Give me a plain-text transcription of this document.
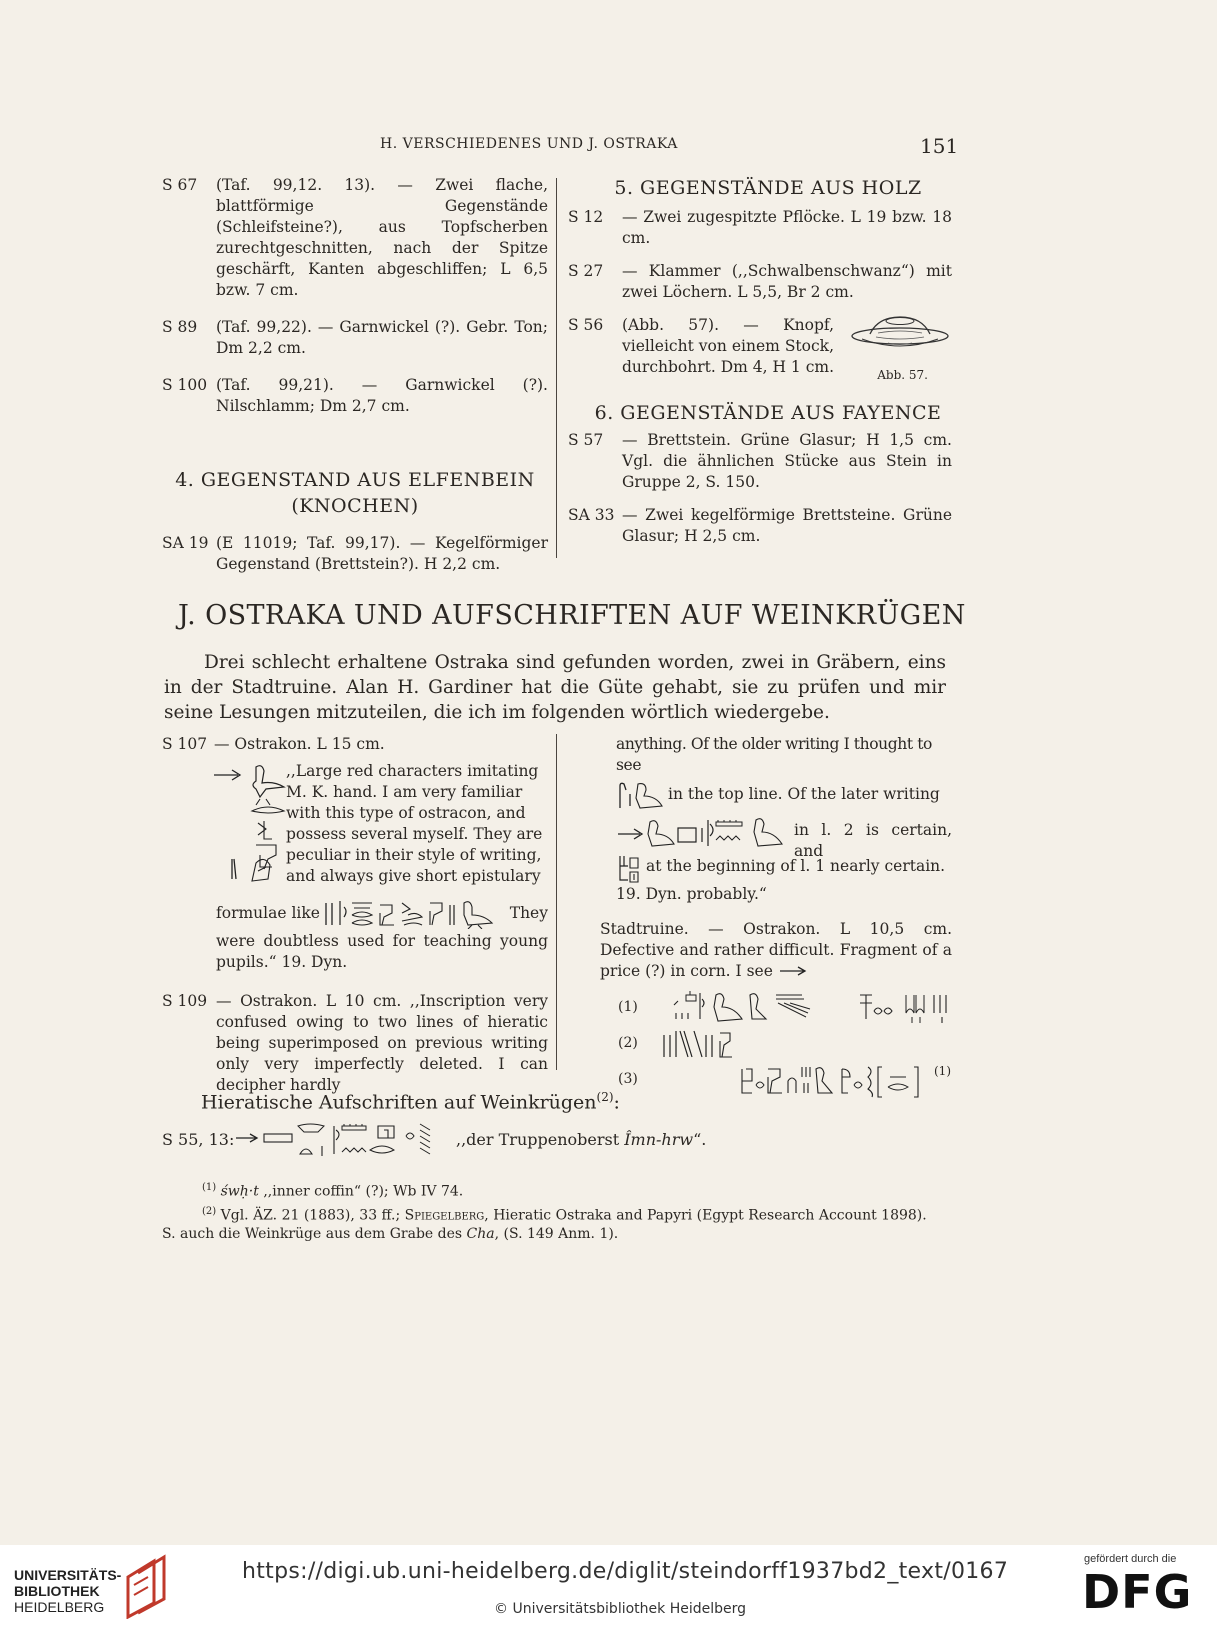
H. VERSCHIEDENES UND J. OSTRAKA	151
S 67	(Taf. 99,12. 13). — Zwei flache, blattförmige Gegenstände (Schleifsteine?), aus Topfscherben zurechtgeschnitten, nach der Spitze geschärft, Kanten abgeschliffen; L 6,5 bzw. 7 cm.
S 89	(Taf. 99,22). — Garnwickel (?). Gebr. Ton; Dm 2,2 cm.
S 100 (Taf. 99,21). — Garnwickel (?). Nilschlamm; Dm 2,7 cm.
4. GEGENSTAND AUS ELFENBEIN
(KNOCHEN)
SA 19 (E 11019; Taf. 99,17). — Kegelförmiger Gegenstand (Brettstein?). H 2,2 cm.
5. GEGENSTÄNDE AUS HOLZ
S 12	— Zwei zugespitzte Pflöcke. L 19 bzw. 18 cm.
S 27	— Klammer (,,Schwalbenschwanz“) mit zwei Löchern. L 5,5, Br 2 cm.
S 56	(Abb. 57). — Knopf, vielleicht von einem Stock, durchbohrt. Dm 4, H 1 cm.	Abb. 57.
6. GEGENSTÄNDE AUS FAYENCE
S 57	— Brettstein. Grüne Glasur; H 1,5 cm. Vgl. die ähnlichen Stücke aus Stein in Gruppe 2, S. 150.
SA 33 — Zwei kegelförmige Brettsteine. Grüne Glasur; H 2,5 cm.
J. OSTRAKA UND AUFSCHRIFTEN AUF WEINKRÜGEN
Drei schlecht erhaltene Ostraka sind gefunden worden, zwei in Gräbern, eins in der Stadtruine. Alan H. Gardiner hat die Güte gehabt, sie zu prüfen und mir seine Lesungen mitzuteilen, die ich im folgenden wörtlich wiedergebe.
S 107 — Ostrakon. L 15 cm.
,,Large red characters imitating
M. K. hand. I am very familiar
with this type of ostracon, and
possess several myself. They are
peculiar in their style of writing,
and always give short epistulary
formulae like	They
were doubtless used for teaching young pupils.“ 19. Dyn.
S 109 — Ostrakon. L 10 cm. ,,Inscription very confused owing to two lines of hieratic being superimposed on previous writing only very imperfectly deleted. I can decipher hardly
anything. Of the older writing I thought to see
in the top line. Of the later writing
in l. 2 is certain, and
at the beginning of l. 1 nearly certain.
19. Dyn. probably.“
Stadtruine. — Ostrakon. L 10,5 cm. Defective and rather difficult. Fragment of a price (?) in corn. I see
(1)
(2)
(3)	(1)
Hieratische Aufschriften auf Weinkrügen$^{(2)}$:
S 55, 13:	,,der Truppenoberst Îmn-hrw“.

$^{(1)}$ śwḥ·t ,,inner coffin“ (?); Wb IV 74.

$^{(2)}$ Vgl. ÄZ. 21 (1883), 33 ff.; Spiegelberg, Hieratic Ostraka and Papyri (Egypt Research Account 1898).

S. auch die Weinkrüge aus dem Grabe des Cha, (S. 149 Anm. 1).
UNIVERSITÄTS-
BIBLIOTHEK
HEIDELBERG
https://digi.ub.uni-heidelberg.de/diglit/steindorff1937bd2_text/0167
© Universitätsbibliothek Heidelberg
gefördert durch die
DFG
